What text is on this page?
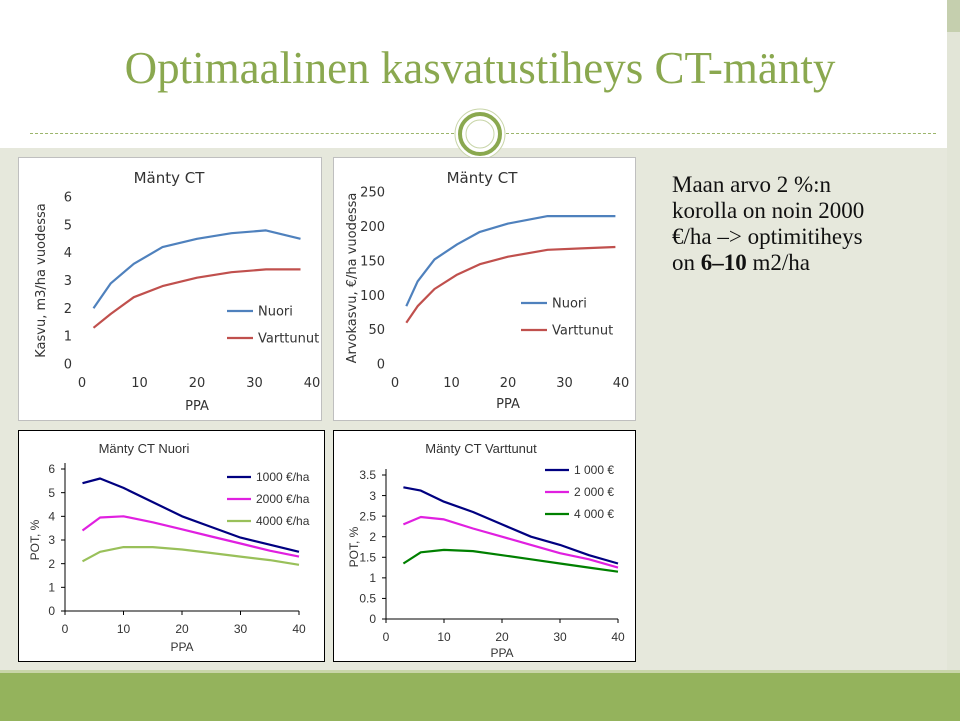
Optimaalinen kasvatustiheys CT-mänty
0
1
2
3
4
5
6
0	10	20	30	40
Mänty CT
PPA
Kasvu, m3/ha vuodessa	Nuori
Varttunut
0
50
100
150
200
250
0	10	20	30	40
Mänty CT
PPA
Arvokasvu, €/ha vuodessa	Nuori
Varttunut
0
1
2
3
4
5
6
0	10	20	30	40
Mänty CT Nuori
PPA
POT, %
1000 €/ha
2000 €/ha
4000 €/ha
0
0.5
1
1.5
2
2.5
3
3.5
0	10	20	30	40
Mänty CT Varttunut
PPA
POT, %
1 000 €
2 000 €
4 000 €
Maan arvo 2 %:n
korolla on noin 2000
€/ha –> optimitiheys
on 6–10 m2/ha
